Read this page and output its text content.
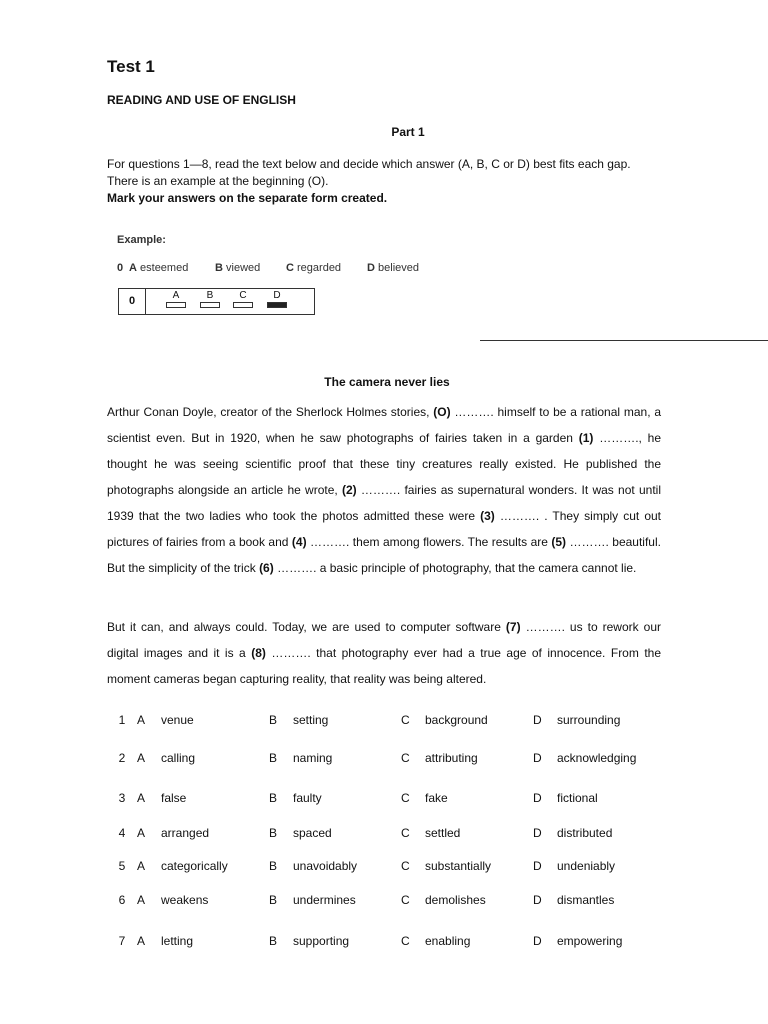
Test 1
READING AND USE OF ENGLISH
Part 1
For questions 1—8, read the text below and decide which answer (A, B, C or D) best fits each gap.
There is an example at the beginning (O).
Mark your answers on the separate form created.
Example:
0 A esteemed B viewed C regarded D believed
0	A	B	C	D
The camera never lies
Arthur Conan Doyle, creator of the Sherlock Holmes stories, (O) ………. himself to be a rational man, a scientist even. But in 1920, when he saw photographs of fairies taken in a garden (1) ………., he thought he was seeing scientific proof that these tiny creatures really existed. He published the photographs alongside an article he wrote, (2) ………. fairies as supernatural wonders. It was not until 1939 that the two ladies who took the photos admitted these were (3) ………. . They simply cut out pictures of fairies from a book and (4) ………. them among flowers. The results are (5) ………. beautiful. But the simplicity of the trick (6) ………. a basic principle of photography, that the camera cannot lie.
But it can, and always could. Today, we are used to computer software (7) ………. us to rework our digital images and it is a (8) ………. that photography ever had a true age of innocence. From the moment cameras began capturing reality, that reality was being altered.
1	A	venue	B	setting	C	background	D	surrounding
2	A	calling	B	naming	C	attributing	D	acknowledging
3	A	false	B	faulty	C	fake	D	fictional
4	A	arranged	B	spaced	C	settled	D	distributed
5	A	categorically	B	unavoidably	C	substantially	D	undeniably
6	A	weakens	B	undermines	C	demolishes	D	dismantles
7	A	letting	B	supporting	C	enabling	D	empowering
